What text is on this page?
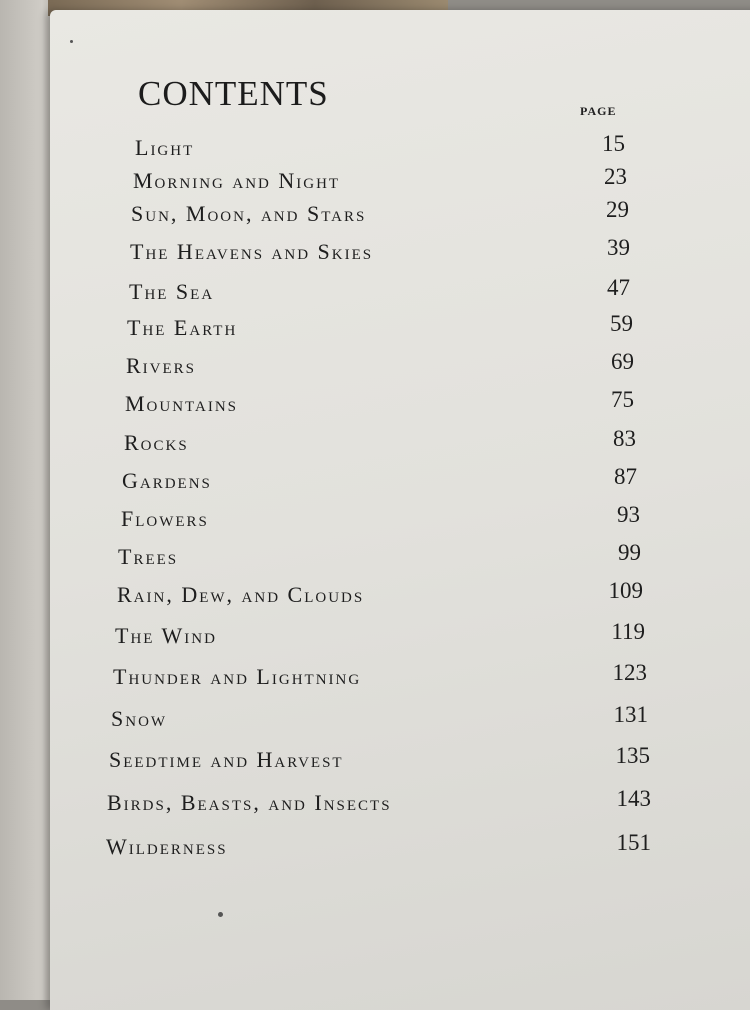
CONTENTS	PAGE
Light	15
Morning and Night	23
Sun, Moon, and Stars	29
The Heavens and Skies	39
The Sea	47
The Earth	59
Rivers	69
Mountains	75
Rocks	83
Gardens	87
Flowers	93
Trees	99
Rain, Dew, and Clouds	109
The Wind	119
Thunder and Lightning	123
Snow	131
Seedtime and Harvest	135
Birds, Beasts, and Insects	143
Wilderness	151
